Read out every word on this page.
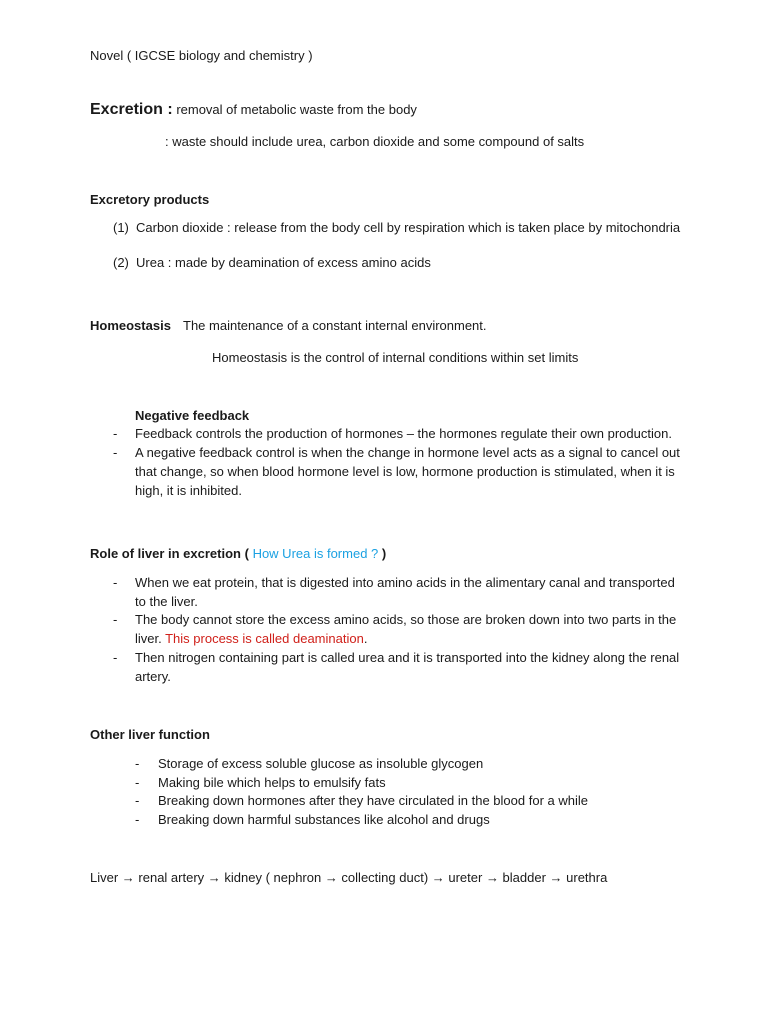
Novel ( IGCSE biology and chemistry )
Excretion : removal of metabolic waste from the body
: waste should include urea, carbon dioxide and some compound of salts
Excretory products
(1) Carbon dioxide : release from the body cell by respiration which is taken place by mitochondria
(2) Urea : made by deamination of excess amino acids
Homeostasis The maintenance of a constant internal environment.
Homeostasis is the control of internal conditions within set limits
Negative feedback
- Feedback controls the production of hormones – the hormones regulate their own production.
- A negative feedback control is when the change in hormone level acts as a signal to cancel out
that change, so when blood hormone level is low, hormone production is stimulated, when it is
high, it is inhibited.
Role of liver in excretion ( How Urea is formed ? )
- When we eat protein, that is digested into amino acids in the alimentary canal and transported
to the liver.
- The body cannot store the excess amino acids, so those are broken down into two parts in the
liver. This process is called deamination.
- Then nitrogen containing part is called urea and it is transported into the kidney along the renal
artery.
Other liver function
- Storage of excess soluble glucose as insoluble glycogen
- Making bile which helps to emulsify fats
- Breaking down hormones after they have circulated in the blood for a while
- Breaking down harmful substances like alcohol and drugs
Liver → renal artery → kidney ( nephron → collecting duct) → ureter → bladder → urethra
